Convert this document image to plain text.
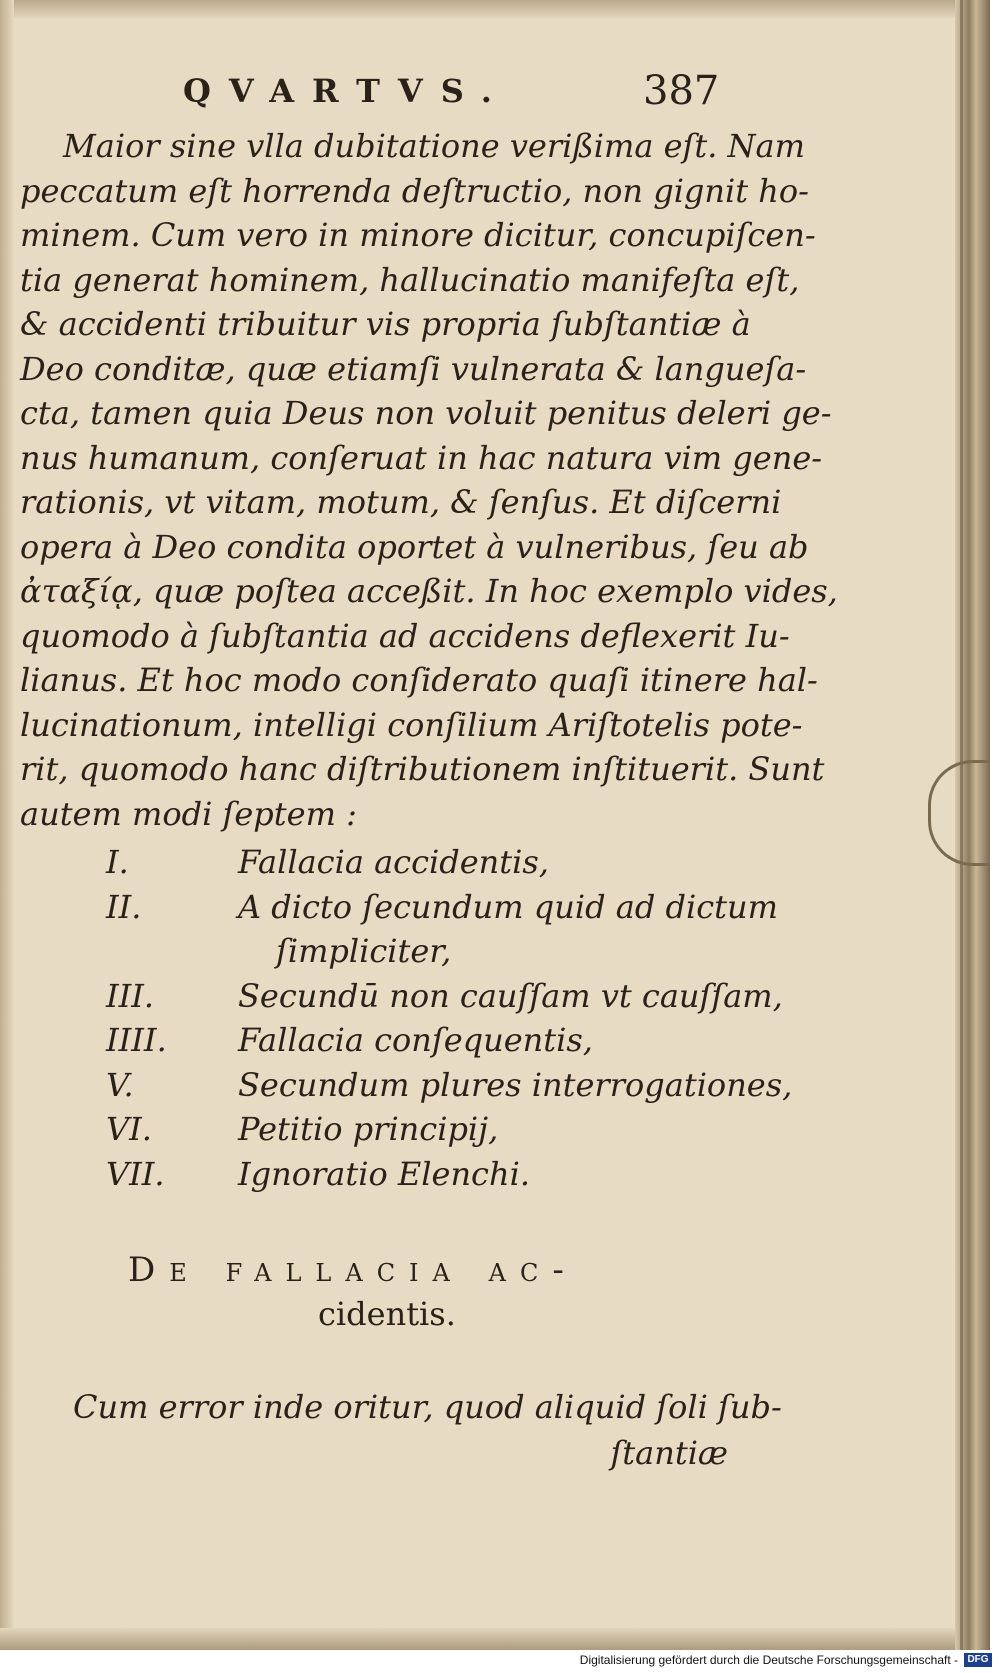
QVARTVS.	387
Maior sine vlla dubitatione verißima eſt. Nam
peccatum eſt horrenda deſtructio, non gignit ho-
minem. Cum vero in minore dicitur, concupiſcen-
tia generat hominem, hallucinatio manifeſta eſt,
& accidenti tribuitur vis propria ſubſtantiæ à
Deo conditæ, quæ etiamſi vulnerata & langueſa-
cta, tamen quia Deus non voluit penitus deleri ge-
nus humanum, conſeruat in hac natura vim gene-
rationis, vt vitam, motum, & ſenſus. Et diſcerni
opera à Deo condita oportet à vulneribus, ſeu ab
ἀταξίᾳ, quæ poſtea acceßit. In hoc exemplo vides,
quomodo à ſubſtantia ad accidens deflexerit Iu-
lianus. Et hoc modo conſiderato quaſi itinere hal-
lucinationum, intelligi conſilium Ariſtotelis pote-
rit, quomodo hanc diſtributionem inſtituerit. Sunt
autem modi ſeptem :
I.	Fallacia accidentis,
II.	A dicto ſecundum quid ad dictum
ſimpliciter,
III.	Secundū non cauſſam vt cauſſam,
IIII.	Fallacia conſequentis,
V.	Secundum plures interrogationes,
VI.	Petitio principij,
VII.	Ignoratio Elenchi.
De fallacia ac-
cidentis.
Cum error inde oritur, quod aliquid ſoli ſub-
ſtantiæ
Digitalisierung gefördert durch die Deutsche Forschungsgemeinschaft - DFG
